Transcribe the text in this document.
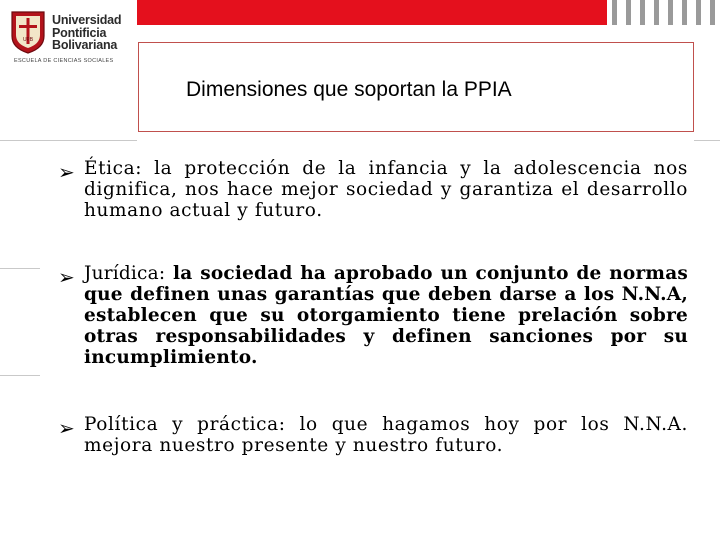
UPB
Universidad
Pontificia
Bolivariana
ESCUELA DE CIENCIAS SOCIALES
Dimensiones que soportan la PPIA
➢ Ética: la protección de la infancia y la adolescencia nos dignifica, nos hace mejor sociedad y garantiza el desarrollo humano actual y futuro.
➢ Jurídica: la sociedad ha aprobado un conjunto de normas que definen unas garantías que deben darse a los N.N.A, establecen que su otorgamiento tiene prelación sobre otras responsabilidades y definen sanciones por su incumplimiento.
➢ Política y práctica: lo que hagamos hoy por los N.N.A. mejora nuestro presente y nuestro futuro.
